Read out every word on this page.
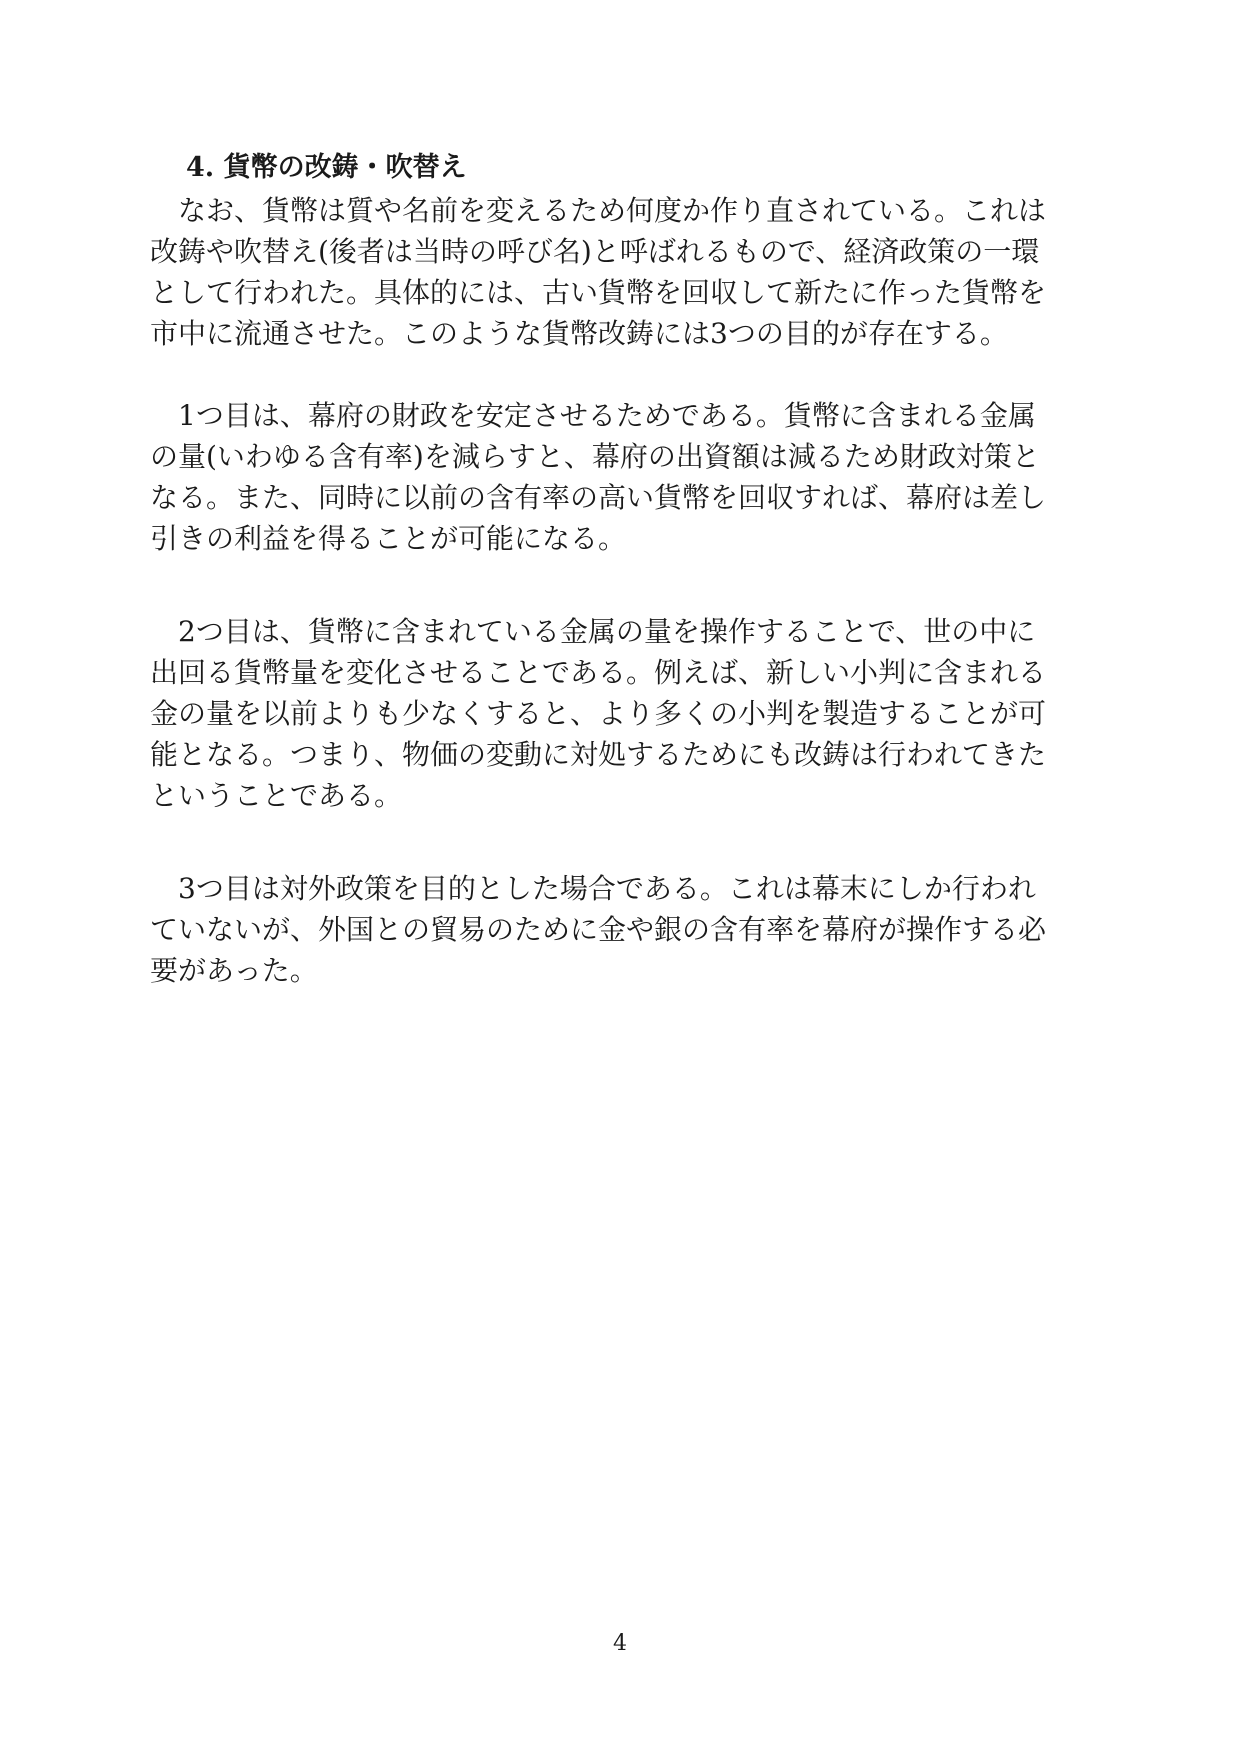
4. 貨幣の改鋳・吹替え

なお、貨幣は質や名前を変えるため何度か作り直されている。これは
改鋳や吹替え(後者は当時の呼び名)と呼ばれるもので、経済政策の一環
として行われた。具体的には、古い貨幣を回収して新たに作った貨幣を
市中に流通させた。このような貨幣改鋳には3つの目的が存在する。

1つ目は、幕府の財政を安定させるためである。貨幣に含まれる金属
の量(いわゆる含有率)を減らすと、幕府の出資額は減るため財政対策と
なる。また、同時に以前の含有率の高い貨幣を回収すれば、幕府は差し
引きの利益を得ることが可能になる。

2つ目は、貨幣に含まれている金属の量を操作することで、世の中に
出回る貨幣量を変化させることである。例えば、新しい小判に含まれる
金の量を以前よりも少なくすると、より多くの小判を製造することが可
能となる。つまり、物価の変動に対処するためにも改鋳は行われてきた
ということである。

3つ目は対外政策を目的とした場合である。これは幕末にしか行われ
ていないが、外国との貿易のために金や銀の含有率を幕府が操作する必
要があった。

4
